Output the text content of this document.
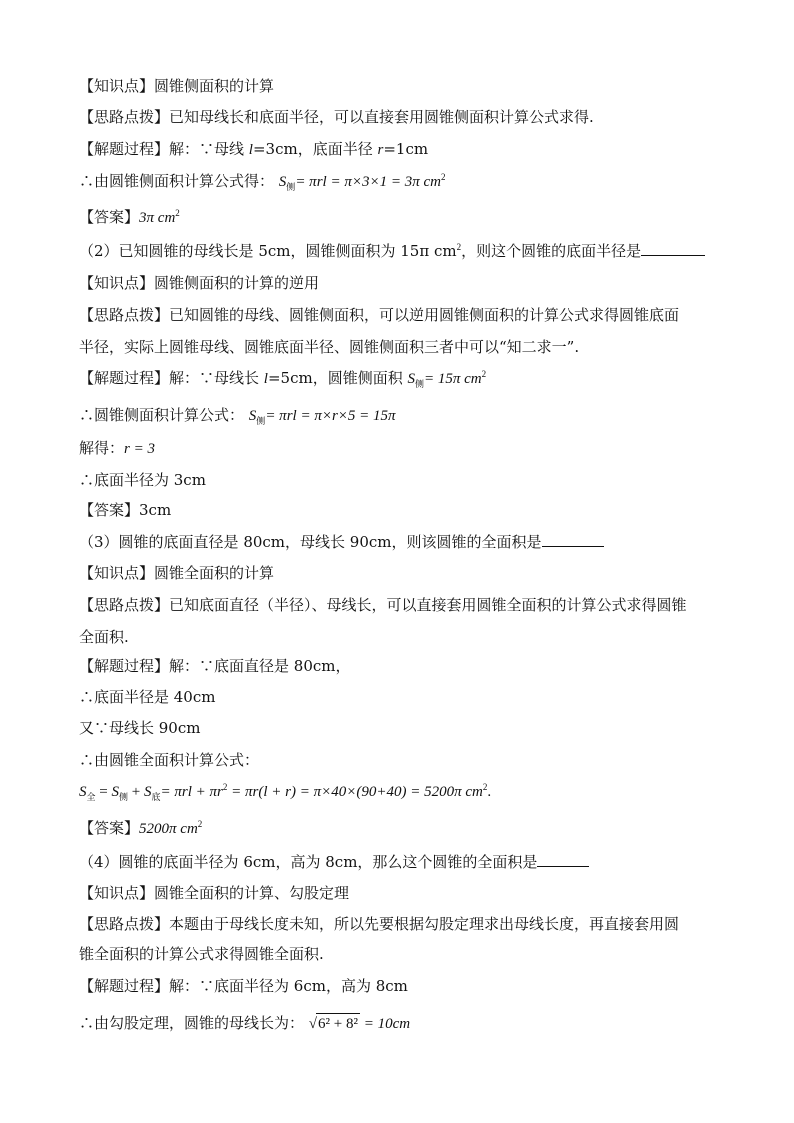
【知识点】圆锥侧面积的计算
【思路点拨】已知母线长和底面半径，可以直接套用圆锥侧面积计算公式求得.
【解题过程】解：∵母线 l=3cm，底面半径 r=1cm
∴由圆锥侧面积计算公式得： $S_侧= \pi rl = \pi\times 3\times 1 = 3\pi$ $cm^2$
【答案】3π $cm^2$
（2）已知圆锥的母线长是 5cm，圆锥侧面积为 15π $cm^2$，则这个圆锥的底面半径是
【知识点】圆锥侧面积的计算的逆用
【思路点拨】已知圆锥的母线、圆锥侧面积，可以逆用圆锥侧面积的计算公式求得圆锥底面
半径，实际上圆锥母线、圆锥底面半径、圆锥侧面积三者中可以“知二求一”.
【解题过程】解：∵母线长 l=5cm，圆锥侧面积 $S_侧= 15\pi$ $cm^2$
∴圆锥侧面积计算公式： $S_侧= \pi rl = \pi\times r\times 5 = 15\pi$
解得：r = 3
∴底面半径为 3cm
【答案】3cm
（3）圆锥的底面直径是 80cm，母线长 90cm，则该圆锥的全面积是
【知识点】圆锥全面积的计算
【思路点拨】已知底面直径（半径）、母线长，可以直接套用圆锥全面积的计算公式求得圆锥
全面积.
【解题过程】解：∵底面直径是 80cm，
∴底面半径是 40cm
又∵母线长 90cm
∴由圆锥全面积计算公式：
$S_全 = S_侧 + S_底= \pi rl + \pi r^2 = \pi r(l + r) = \pi\times 40\times(90+40) = 5200\pi$ $cm^2$.
【答案】5200π $cm^2$
（4）圆锥的底面半径为 6cm，高为 8cm，那么这个圆锥的全面积是
【知识点】圆锥全面积的计算、勾股定理
【思路点拨】本题由于母线长度未知，所以先要根据勾股定理求出母线长度，再直接套用圆
锥全面积的计算公式求得圆锥全面积.
【解题过程】解：∵底面半径为 6cm，高为 8cm
∴由勾股定理，圆锥的母线长为： √6² + 8² = 10cm
